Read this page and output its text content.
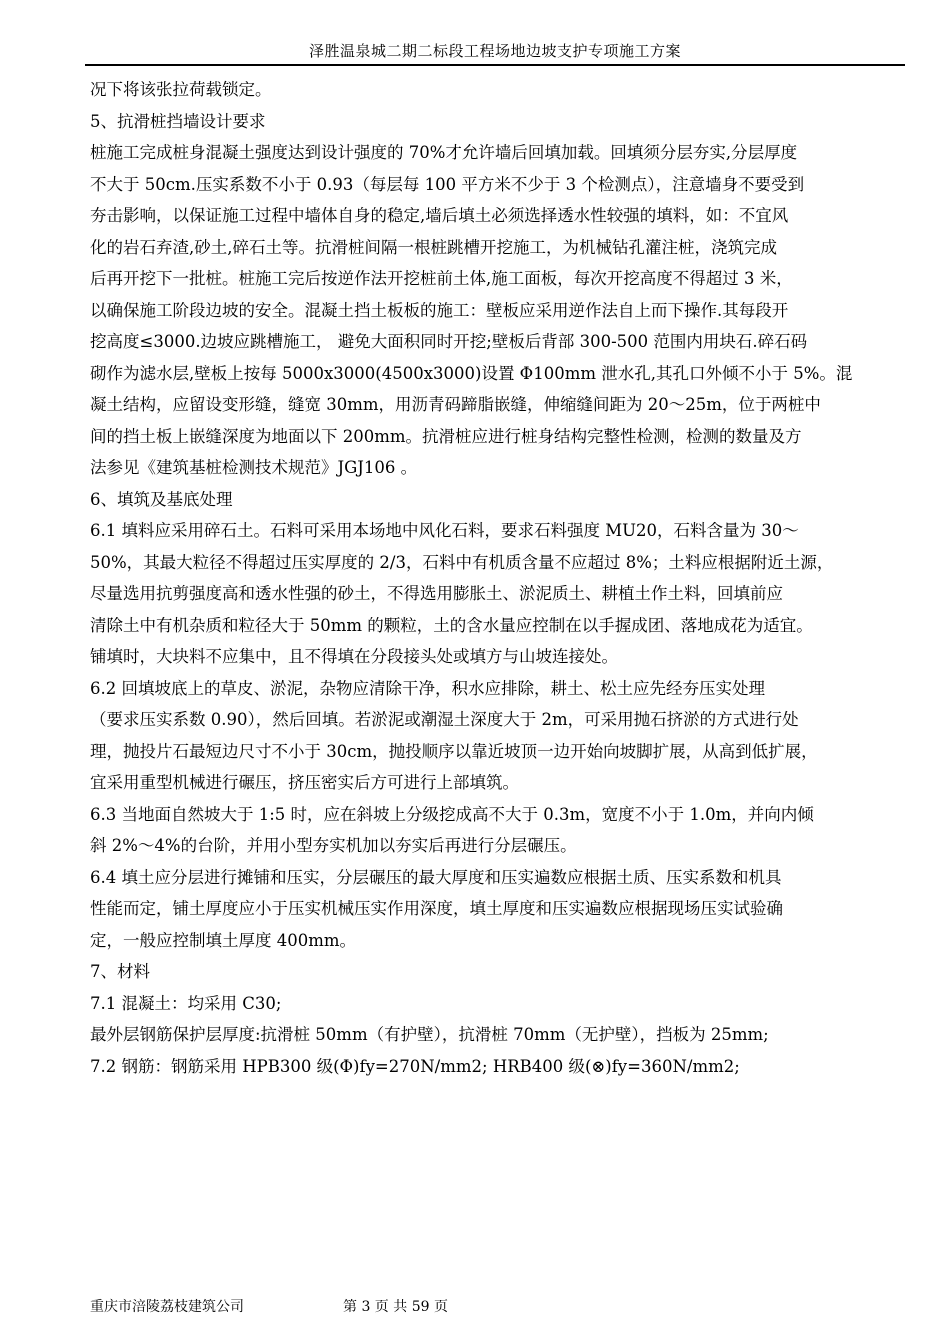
泽胜温泉城二期二标段工程场地边坡支护专项施工方案
况下将该张拉荷载锁定。
5、抗滑桩挡墙设计要求
桩施工完成桩身混凝土强度达到设计强度的 70%才允许墙后回填加载。回填须分层夯实,分层厚度
不大于 50cm.压实系数不小于 0.93（每层每 100 平方米不少于 3 个检测点），注意墙身不要受到
夯击影响，以保证施工过程中墙体自身的稳定,墙后填土必须选择透水性较强的填料，如：不宜风
化的岩石弃渣,砂土,碎石土等。抗滑桩间隔一根桩跳槽开挖施工，为机械钻孔灌注桩，浇筑完成
后再开挖下一批桩。桩施工完后按逆作法开挖桩前土体,施工面板，每次开挖高度不得超过 3 米，
以确保施工阶段边坡的安全。混凝土挡土板板的施工：壁板应采用逆作法自上而下操作.其每段开
挖高度≤3000.边坡应跳槽施工， 避免大面积同时开挖;壁板后背部 300-500 范围内用块石.碎石码
砌作为滤水层,壁板上按每 5000x3000(4500x3000)设置 Φ100mm 泄水孔,其孔口外倾不小于 5%。混
凝土结构，应留设变形缝，缝宽 30mm，用沥青码蹄脂嵌缝，伸缩缝间距为 20～25m，位于两桩中
间的挡土板上嵌缝深度为地面以下 200mm。抗滑桩应进行桩身结构完整性检测，检测的数量及方
法参见《建筑基桩检测技术规范》JGJ106 。
6、填筑及基底处理
6.1 填料应采用碎石土。石料可采用本场地中风化石料，要求石料强度 MU20，石料含量为 30～
50%，其最大粒径不得超过压实厚度的 2/3，石料中有机质含量不应超过 8%；土料应根据附近土源，
尽量选用抗剪强度高和透水性强的砂土，不得选用膨胀土、淤泥质土、耕植土作土料，回填前应
清除土中有机杂质和粒径大于 50mm 的颗粒，土的含水量应控制在以手握成团、落地成花为适宜。
铺填时，大块料不应集中，且不得填在分段接头处或填方与山坡连接处。
6.2 回填坡底上的草皮、淤泥，杂物应清除干净，积水应排除，耕土、松土应先经夯压实处理
（要求压实系数 0.90），然后回填。若淤泥或潮湿土深度大于 2m，可采用抛石挤淤的方式进行处
理，抛投片石最短边尺寸不小于 30cm，抛投顺序以靠近坡顶一边开始向坡脚扩展，从高到低扩展，
宜采用重型机械进行碾压，挤压密实后方可进行上部填筑。
6.3 当地面自然坡大于 1:5 时，应在斜坡上分级挖成高不大于 0.3m，宽度不小于 1.0m，并向内倾
斜 2%～4%的台阶，并用小型夯实机加以夯实后再进行分层碾压。
6.4 填土应分层进行摊铺和压实，分层碾压的最大厚度和压实遍数应根据土质、压实系数和机具
性能而定，铺土厚度应小于压实机械压实作用深度，填土厚度和压实遍数应根据现场压实试验确
定，一般应控制填土厚度 400mm。
7、材料
7.1 混凝土：均采用 C30;
最外层钢筋保护层厚度:抗滑桩 50mm（有护壁），抗滑桩 70mm（无护壁），挡板为 25mm;
7.2 钢筋：钢筋采用 HPB300 级(Φ)fy=270N/mm2; HRB400 级(⊗)fy=360N/mm2;
重庆市涪陵荔枝建筑公司	第 3 页 共 59 页
